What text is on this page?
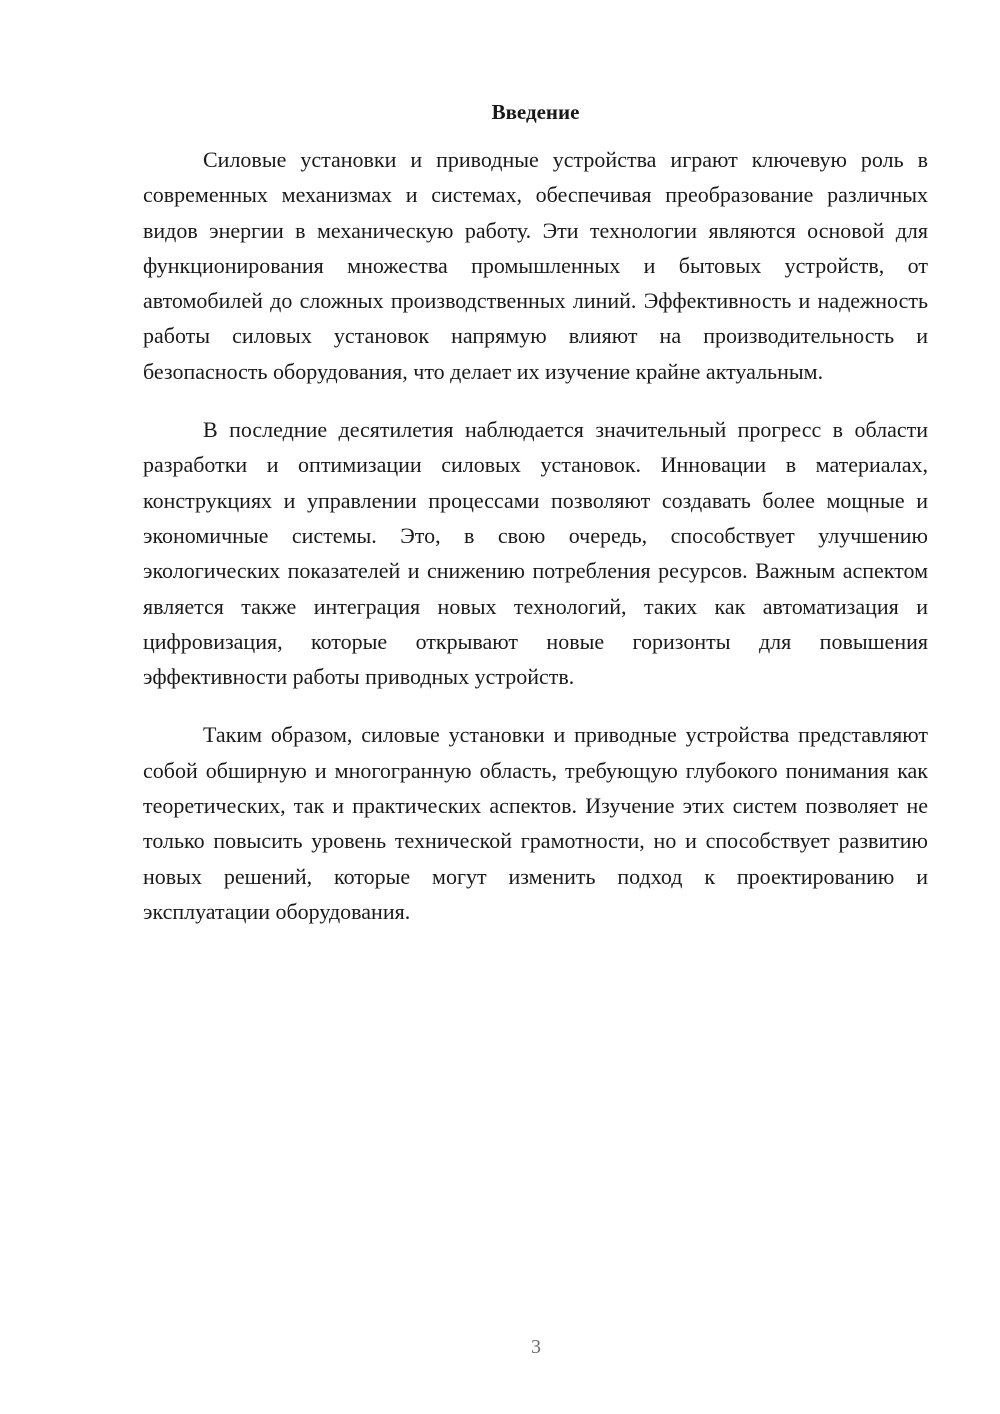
Введение

Силовые установки и приводные устройства играют ключевую роль в современных механизмах и системах, обеспечивая преобразование различных видов энергии в механическую работу. Эти технологии являются основой для функционирования множества промышленных и бытовых устройств, от автомобилей до сложных производственных линий. Эффективность и надежность работы силовых установок напрямую влияют на производительность и безопасность оборудования, что делает их изучение крайне актуальным.

В последние десятилетия наблюдается значительный прогресс в области разработки и оптимизации силовых установок. Инновации в материалах, конструкциях и управлении процессами позволяют создавать более мощные и экономичные системы. Это, в свою очередь, способствует улучшению экологических показателей и снижению потребления ресурсов. Важным аспектом является также интеграция новых технологий, таких как автоматизация и цифровизация, которые открывают новые горизонты для повышения эффективности работы приводных устройств.

Таким образом, силовые установки и приводные устройства представляют собой обширную и многогранную область, требующую глубокого понимания как теоретических, так и практических аспектов. Изучение этих систем позволяет не только повысить уровень технической грамотности, но и способствует развитию новых решений, которые могут изменить подход к проектированию и эксплуатации оборудования.

3
